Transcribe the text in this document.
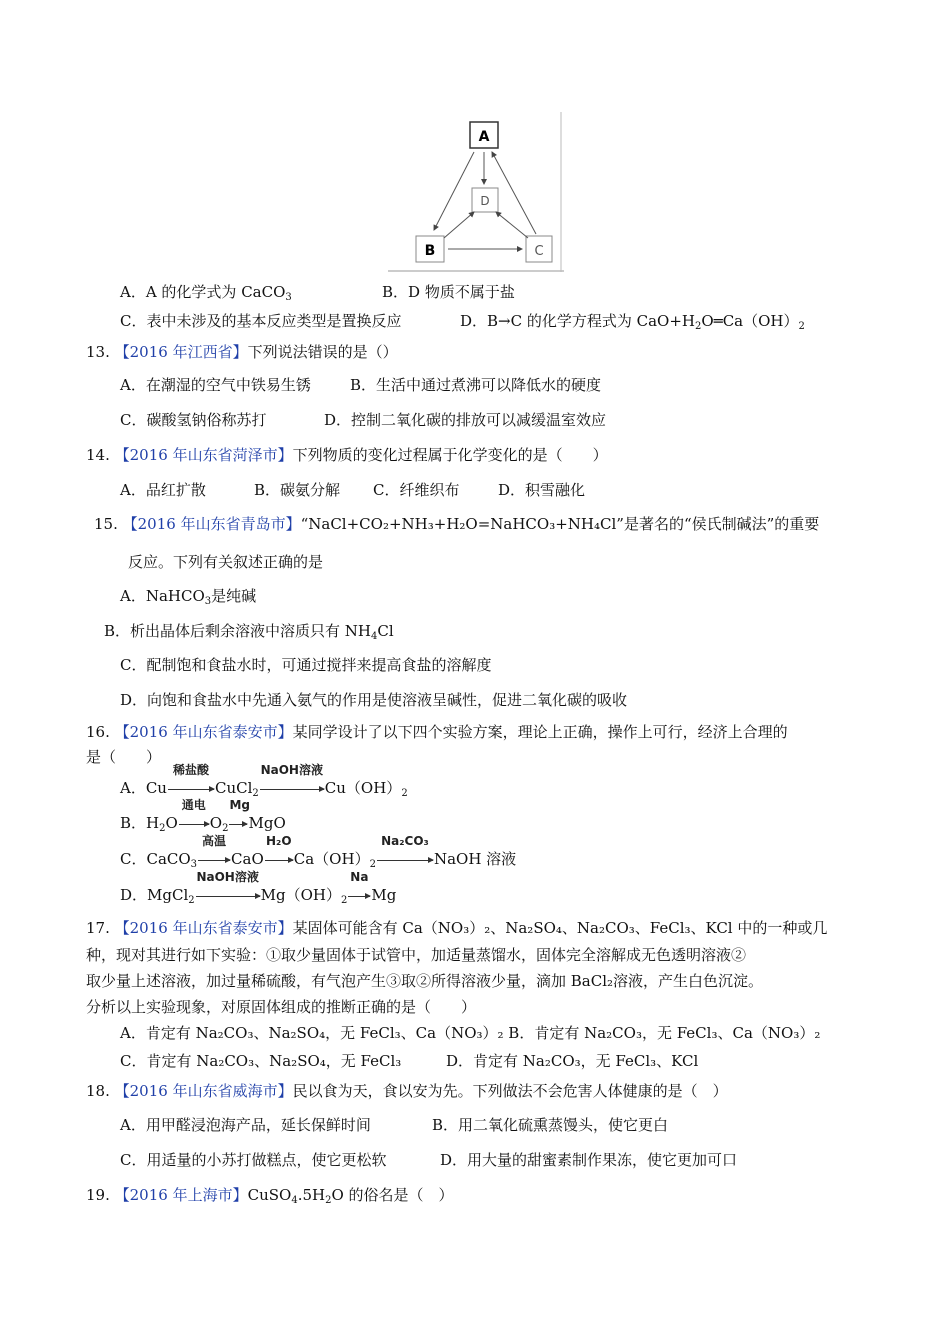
A
D
B	C
A．A 的化学式为 CaCO$_3$	B．D 物质不属于盐
C．表中未涉及的基本反应类型是置换反应	D．B→C 的化学方程式为 $CaO+H_2O═Ca(OH)_2$
13. 【2016 年江西省】下列说法错误的是（）
A．在潮湿的空气中铁易生锈	B．生活中通过煮沸可以降低水的硬度
C．碳酸氢钠俗称苏打	D．控制二氧化碳的排放可以减缓温室效应
14. 【2016 年山东省菏泽市】下列物质的变化过程属于化学变化的是（　　）
A．品红扩散	B．碳氨分解 C．纤维织布	D．积雪融化
15. 【2016 年山东省青岛市】“NaCl+CO₂+NH₃+H₂O=NaHCO₃+NH₄Cl”是著名的“侯氏制碱法”的重要
反应。下列有关叙述正确的是
A．NaHCO$_3$是纯碱
B．析出晶体后剩余溶液中溶质只有 $NH_4Cl$
C．配制饱和食盐水时，可通过搅拌来提高食盐的溶解度
D．向饱和食盐水中先通入氨气的作用是使溶液呈碱性，促进二氧化碳的吸收
16. 【2016 年山东省泰安市】某同学设计了以下四个实验方案，理论上正确，操作上可行，经济上合理的
是（　　）
A．Cu
稀盐酸
CuCl$_2$
NaOH溶液
$Cu(OH)_2$
B．$H_2O$
通电
$O_2$
Mg
MgO
C．CaCO$_3$
高温
CaO
H₂O
$Ca(OH)_2$
Na₂CO₃
NaOH 溶液
D．MgCl$_2$
NaOH溶液
$Mg(OH)_2$
Na
Mg
17. 【2016 年山东省泰安市】某固体可能含有 Ca（NO₃）₂、Na₂SO₄、Na₂CO₃、FeCl₃、KCl 中的一种或几
种，现对其进行如下实验：①取少量固体于试管中，加适量蒸馏水，固体完全溶解成无色透明溶液②
取少量上述溶液，加过量稀硫酸，有气泡产生③取②所得溶液少量，滴加 BaCl₂溶液，产生白色沉淀。
分析以上实验现象，对原固体组成的推断正确的是（　　）
A．肯定有 Na₂CO₃、Na₂SO₄，无 FeCl₃、Ca（NO₃）₂ B．肯定有 Na₂CO₃，无 FeCl₃、Ca（NO₃）₂
C．肯定有 Na₂CO₃、Na₂SO₄，无 FeCl₃	D．肯定有 Na₂CO₃，无 FeCl₃、KCl
18. 【2016 年山东省威海市】民以食为天，食以安为先。下列做法不会危害人体健康的是（　）
A．用甲醛浸泡海产品，延长保鲜时间	B．用二氧化硫熏蒸馒头，使它更白
C．用适量的小苏打做糕点，使它更松软	D．用大量的甜蜜素制作果冻，使它更加可口
19. 【2016 年上海市】$CuSO_4.5H_2O$ 的俗名是（　）
